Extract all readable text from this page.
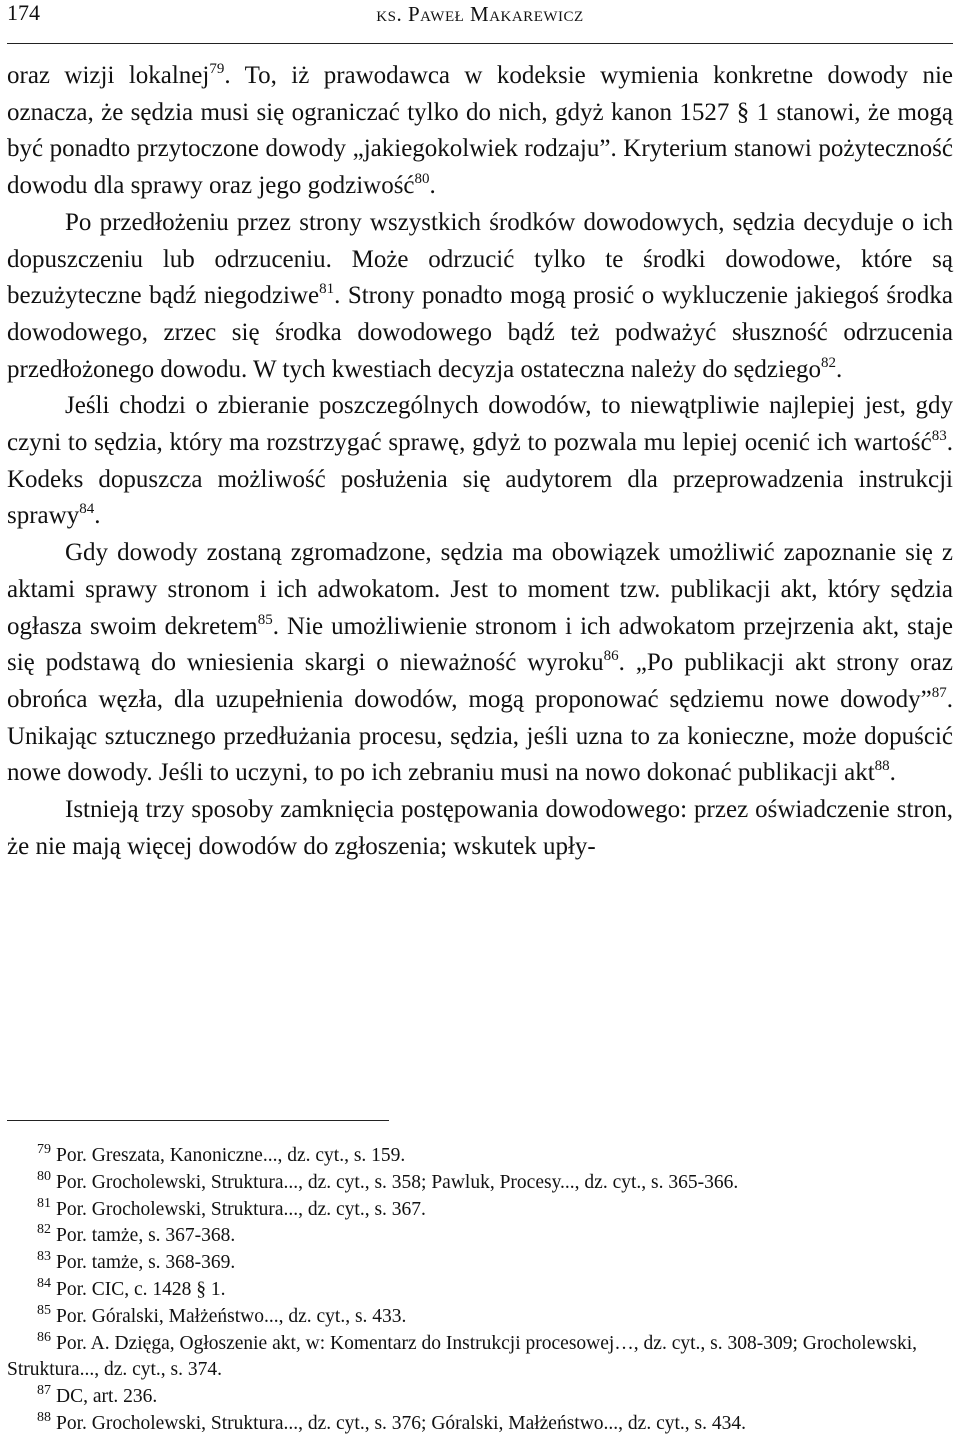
174	ks. Paweł Makarewicz

oraz wizji lokalnej$^{79}$. To, iż prawodawca w kodeksie wymienia konkretne dowody nie oznacza, że sędzia musi się ograniczać tylko do nich, gdyż kanon 1527 § 1 stanowi, że mogą być ponadto przytoczone dowody „jakiegokolwiek rodzaju”. Kryterium stanowi pożyteczność dowodu dla sprawy oraz jego godziwość$^{80}$.

Po przedłożeniu przez strony wszystkich środków dowodowych, sędzia decyduje o ich dopuszczeniu lub odrzuceniu. Może odrzucić tylko te środki dowodowe, które są bezużyteczne bądź niegodziwe$^{81}$. Strony ponadto mogą prosić o wykluczenie jakiegoś środka dowodowego, zrzec się środka dowodowego bądź też podważyć słuszność odrzucenia przedłożonego dowodu. W tych kwestiach decyzja ostateczna należy do sędziego$^{82}$.

Jeśli chodzi o zbieranie poszczególnych dowodów, to niewątpliwie najlepiej jest, gdy czyni to sędzia, który ma rozstrzygać sprawę, gdyż to pozwala mu lepiej ocenić ich wartość$^{83}$. Kodeks dopuszcza możliwość posłużenia się audytorem dla przeprowadzenia instrukcji sprawy$^{84}$.

Gdy dowody zostaną zgromadzone, sędzia ma obowiązek umożliwić zapoznanie się z aktami sprawy stronom i ich adwokatom. Jest to moment tzw. publikacji akt, który sędzia ogłasza swoim dekretem$^{85}$. Nie umożliwienie stronom i ich adwokatom przejrzenia akt, staje się podstawą do wniesienia skargi o nieważność wyroku$^{86}$. „Po publikacji akt strony oraz obrońca węzła, dla uzupełnienia dowodów, mogą proponować sędziemu nowe dowody”$^{87}$. Unikając sztucznego przedłużania procesu, sędzia, jeśli uzna to za konieczne, może dopuścić nowe dowody. Jeśli to uczyni, to po ich zebraniu musi na nowo dokonać publikacji akt$^{88}$.

Istnieją trzy sposoby zamknięcia postępowania dowodowego: przez oświadczenie stron, że nie mają więcej dowodów do zgłoszenia; wskutek upły-

$^{79}$ Por. Greszata, Kanoniczne..., dz. cyt., s. 159.

$^{80}$ Por. Grocholewski, Struktura..., dz. cyt., s. 358; Pawluk, Procesy..., dz. cyt., s. 365-366.

$^{81}$ Por. Grocholewski, Struktura..., dz. cyt., s. 367.

$^{82}$ Por. tamże, s. 367-368.

$^{83}$ Por. tamże, s. 368-369.

$^{84}$ Por. CIC, c. 1428 § 1.

$^{85}$ Por. Góralski, Małżeństwo..., dz. cyt., s. 433.

$^{86}$ Por. A. Dzięga, Ogłoszenie akt, w: Komentarz do Instrukcji procesowej…, dz. cyt., s. 308-309; Grocholewski, Struktura..., dz. cyt., s. 374.

$^{87}$ DC, art. 236.

$^{88}$ Por. Grocholewski, Struktura..., dz. cyt., s. 376; Góralski, Małżeństwo..., dz. cyt., s. 434.
